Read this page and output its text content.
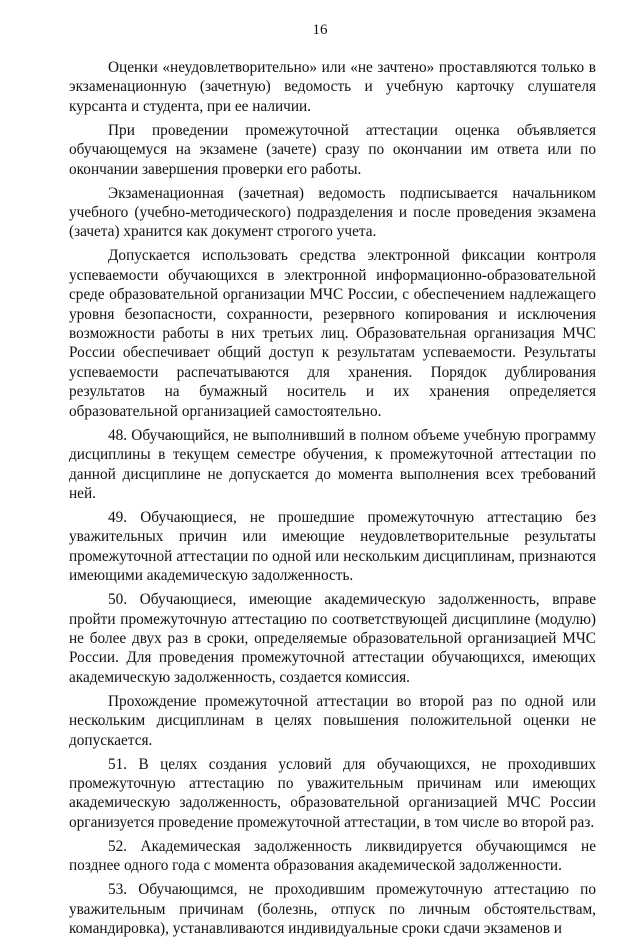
16

Оценки «неудовлетворительно» или «не зачтено» проставляются только в экзаменационную (зачетную) ведомость и учебную карточку слушателя курсанта и студента, при ее наличии.

При проведении промежуточной аттестации оценка объявляется обучающемуся на экзамене (зачете) сразу по окончании им ответа или по окончании завершения проверки его работы.

Экзаменационная (зачетная) ведомость подписывается начальником учебного (учебно-методического) подразделения и после проведения экзамена (зачета) хранится как документ строгого учета.

Допускается использовать средства электронной фиксации контроля успеваемости обучающихся в электронной информационно-образовательной среде образовательной организации МЧС России, с обеспечением надлежащего уровня безопасности, сохранности, резервного копирования и исключения возможности работы в них третьих лиц. Образовательная организация МЧС России обеспечивает общий доступ к результатам успеваемости. Результаты успеваемости распечатываются для хранения. Порядок дублирования результатов на бумажный носитель и их хранения определяется образовательной организацией самостоятельно.

48. Обучающийся, не выполнивший в полном объеме учебную программу дисциплины в текущем семестре обучения, к промежуточной аттестации по данной дисциплине не допускается до момента выполнения всех требований ней.

49. Обучающиеся, не прошедшие промежуточную аттестацию без уважительных причин или имеющие неудовлетворительные результаты промежуточной аттестации по одной или нескольким дисциплинам, признаются имеющими академическую задолженность.

50. Обучающиеся, имеющие академическую задолженность, вправе пройти промежуточную аттестацию по соответствующей дисциплине (модулю) не более двух раз в сроки, определяемые образовательной организацией МЧС России. Для проведения промежуточной аттестации обучающихся, имеющих академическую задолженность, создается комиссия.

Прохождение промежуточной аттестации во второй раз по одной или нескольким дисциплинам в целях повышения положительной оценки не допускается.

51. В целях создания условий для обучающихся, не проходивших промежуточную аттестацию по уважительным причинам или имеющих академическую задолженность, образовательной организацией МЧС России организуется проведение промежуточной аттестации, в том числе во второй раз.

52. Академическая задолженность ликвидируется обучающимся не позднее одного года с момента образования академической задолженности.

53. Обучающимся, не проходившим промежуточную аттестацию по уважительным причинам (болезнь, отпуск по личным обстоятельствам, командировка), устанавливаются индивидуальные сроки сдачи экзаменов и
